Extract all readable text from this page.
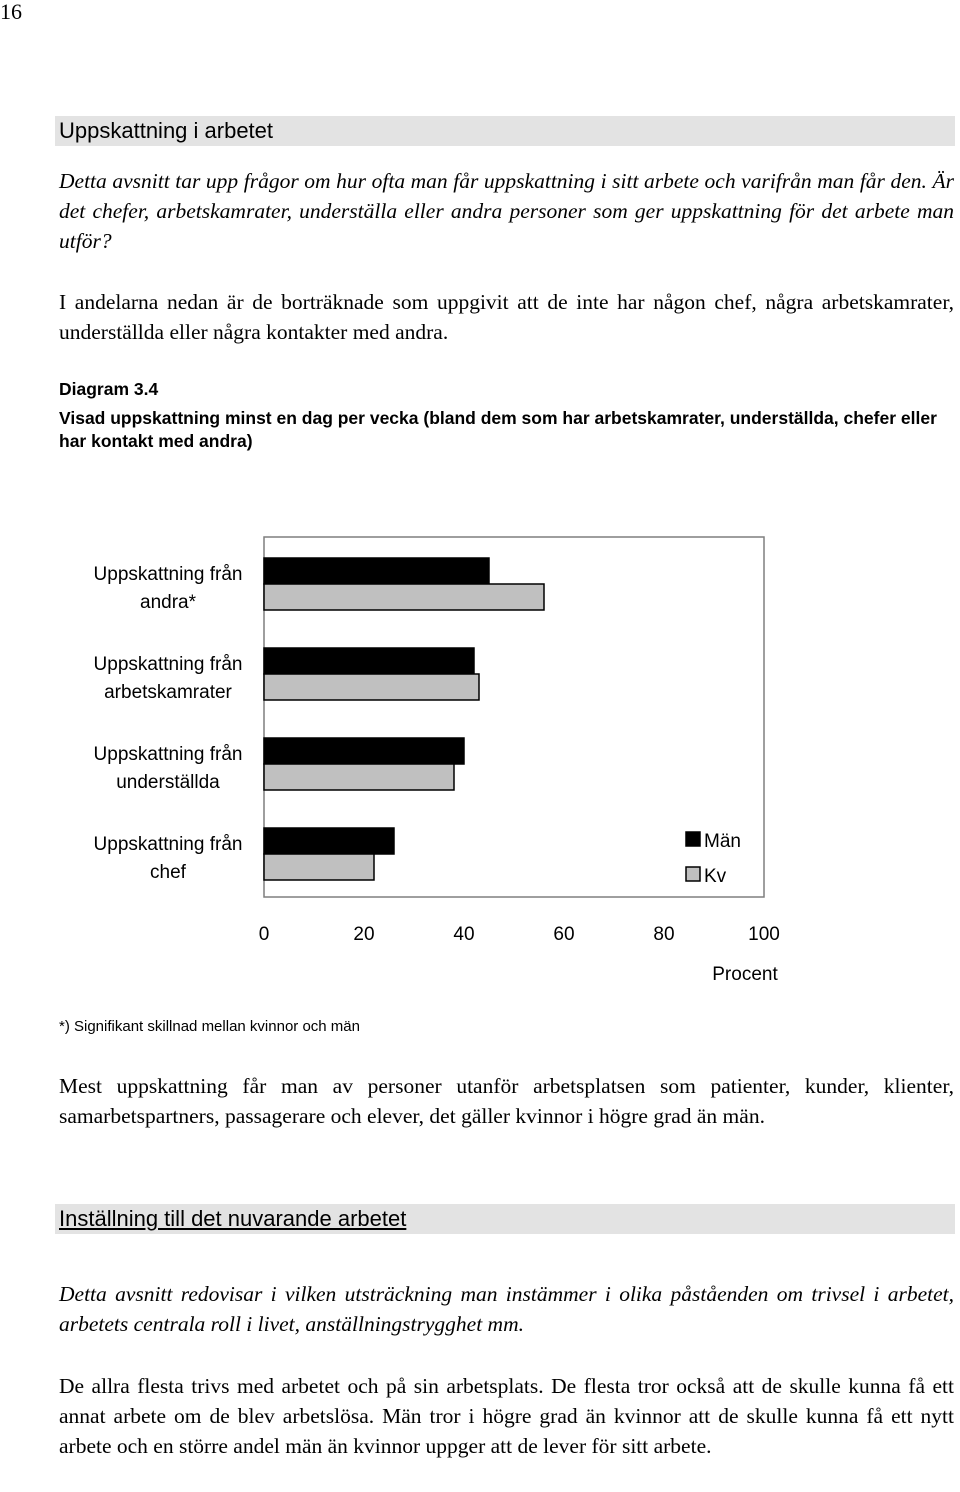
16
Uppskattning i arbetet
Detta avsnitt tar upp frågor om hur ofta man får uppskattning i sitt arbete och varifrån man får den. Är det chefer, arbetskamrater, underställa eller andra personer som ger uppskattning för det arbete man utför?
I andelarna nedan är de borträknade som uppgivit att de inte har någon chef, några arbetskamrater, underställda eller några kontakter med andra.
Diagram 3.4
Visad uppskattning minst en dag per vecka (bland dem som har arbetskamrater, underställda, chefer eller har kontakt med andra)
Uppskattning från andra*
Uppskattning från arbetskamrater
Uppskattning från underställda
Uppskattning från chef
0	20	40	60	80	100
Procent
Män
Kv
*) Signifikant skillnad mellan kvinnor och män
Mest uppskattning får man av personer utanför arbetsplatsen som patienter, kunder, klienter, samarbetspartners, passagerare och elever, det gäller kvinnor i högre grad än män.
Inställning till det nuvarande arbetet
Detta avsnitt redovisar i vilken utsträckning man instämmer i olika påståenden om trivsel i arbetet, arbetets centrala roll i livet, anställningstrygghet mm.
De allra flesta trivs med arbetet och på sin arbetsplats. De flesta tror också att de skulle kunna få ett annat arbete om de blev arbetslösa. Män tror i högre grad än kvinnor att de skulle kunna få ett nytt arbete och en större andel män än kvinnor uppger att de lever för sitt arbete.
